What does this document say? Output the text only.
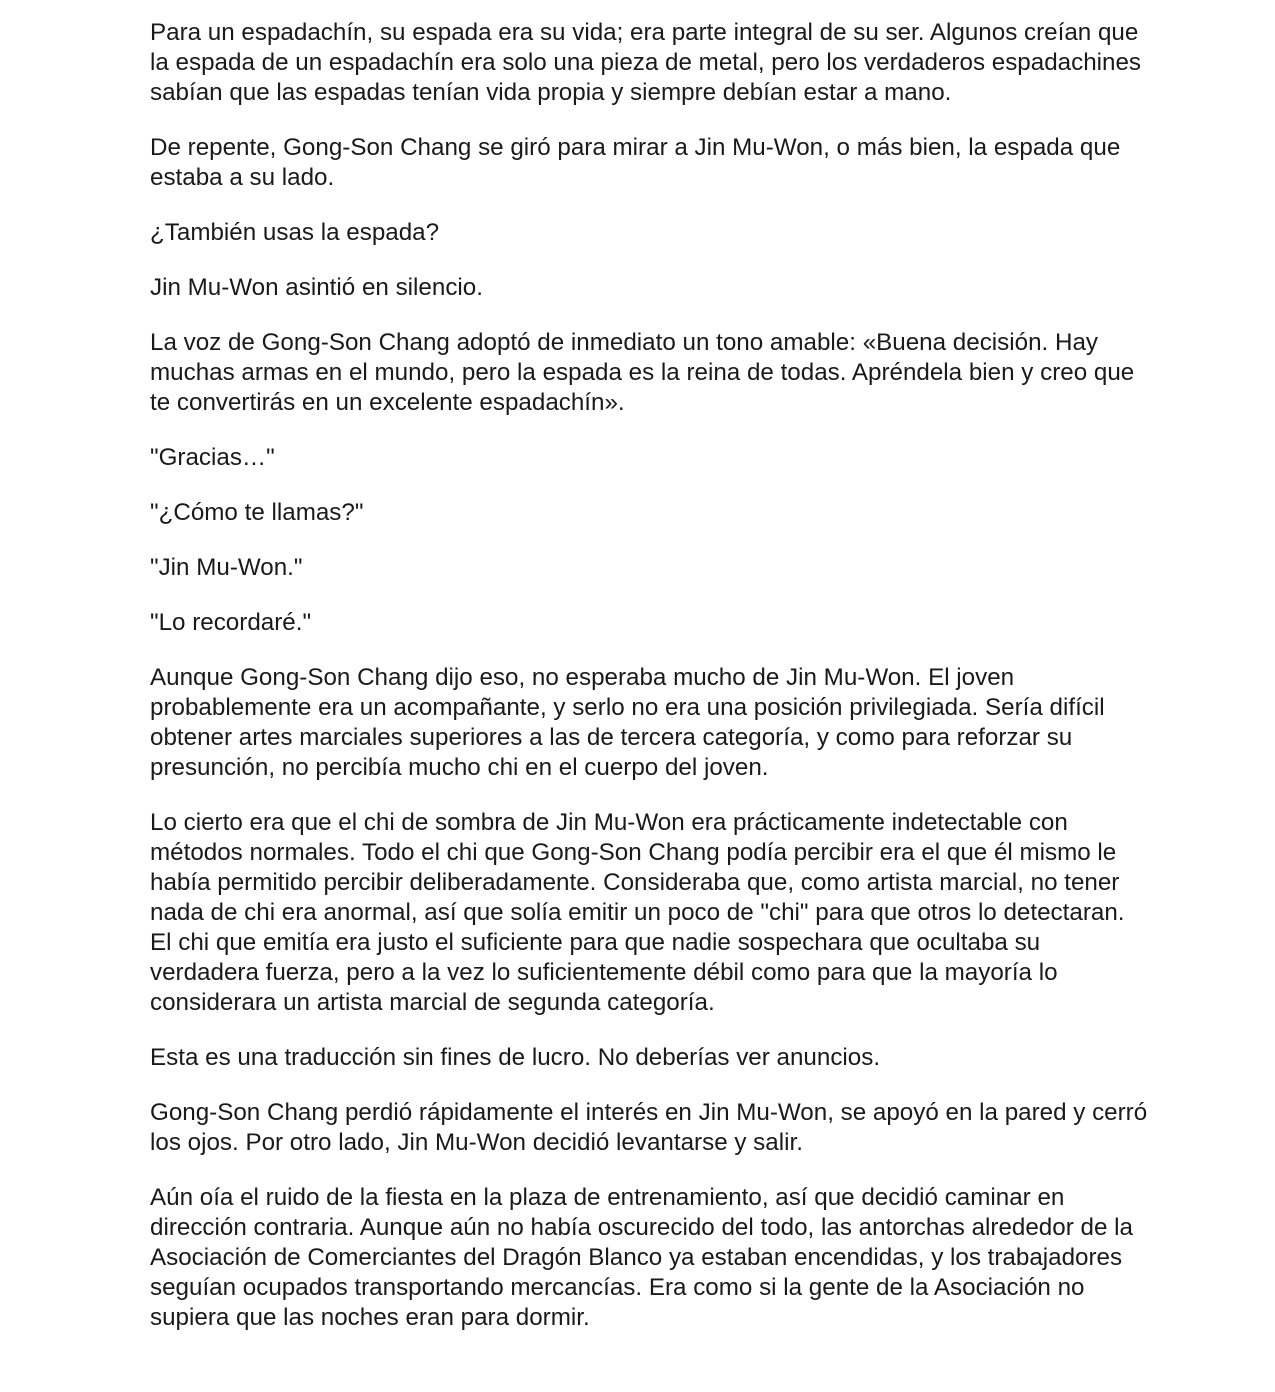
Para un espadachín, su espada era su vida; era parte integral de su ser. Algunos creían que la espada de un espadachín era solo una pieza de metal, pero los verdaderos espadachines sabían que las espadas tenían vida propia y siempre debían estar a mano.

De repente, Gong-Son Chang se giró para mirar a Jin Mu-Won, o más bien, la espada que estaba a su lado.

¿También usas la espada?

Jin Mu-Won asintió en silencio.

La voz de Gong-Son Chang adoptó de inmediato un tono amable: «Buena decisión. Hay muchas armas en el mundo, pero la espada es la reina de todas. Apréndela bien y creo que te convertirás en un excelente espadachín».

"Gracias…"

"¿Cómo te llamas?"

"Jin Mu-Won."

"Lo recordaré."

Aunque Gong-Son Chang dijo eso, no esperaba mucho de Jin Mu-Won. El joven probablemente era un acompañante, y serlo no era una posición privilegiada. Sería difícil obtener artes marciales superiores a las de tercera categoría, y como para reforzar su presunción, no percibía mucho chi en el cuerpo del joven.

Lo cierto era que el chi de sombra de Jin Mu-Won era prácticamente indetectable con métodos normales. Todo el chi que Gong-Son Chang podía percibir era el que él mismo le había permitido percibir deliberadamente. Consideraba que, como artista marcial, no tener nada de chi era anormal, así que solía emitir un poco de "chi" para que otros lo detectaran. El chi que emitía era justo el suficiente para que nadie sospechara que ocultaba su verdadera fuerza, pero a la vez lo suficientemente débil como para que la mayoría lo considerara un artista marcial de segunda categoría.

Esta es una traducción sin fines de lucro. No deberías ver anuncios.

Gong-Son Chang perdió rápidamente el interés en Jin Mu-Won, se apoyó en la pared y cerró los ojos. Por otro lado, Jin Mu-Won decidió levantarse y salir.

Aún oía el ruido de la fiesta en la plaza de entrenamiento, así que decidió caminar en dirección contraria. Aunque aún no había oscurecido del todo, las antorchas alrededor de la Asociación de Comerciantes del Dragón Blanco ya estaban encendidas, y los trabajadores seguían ocupados transportando mercancías. Era como si la gente de la Asociación no supiera que las noches eran para dormir.
